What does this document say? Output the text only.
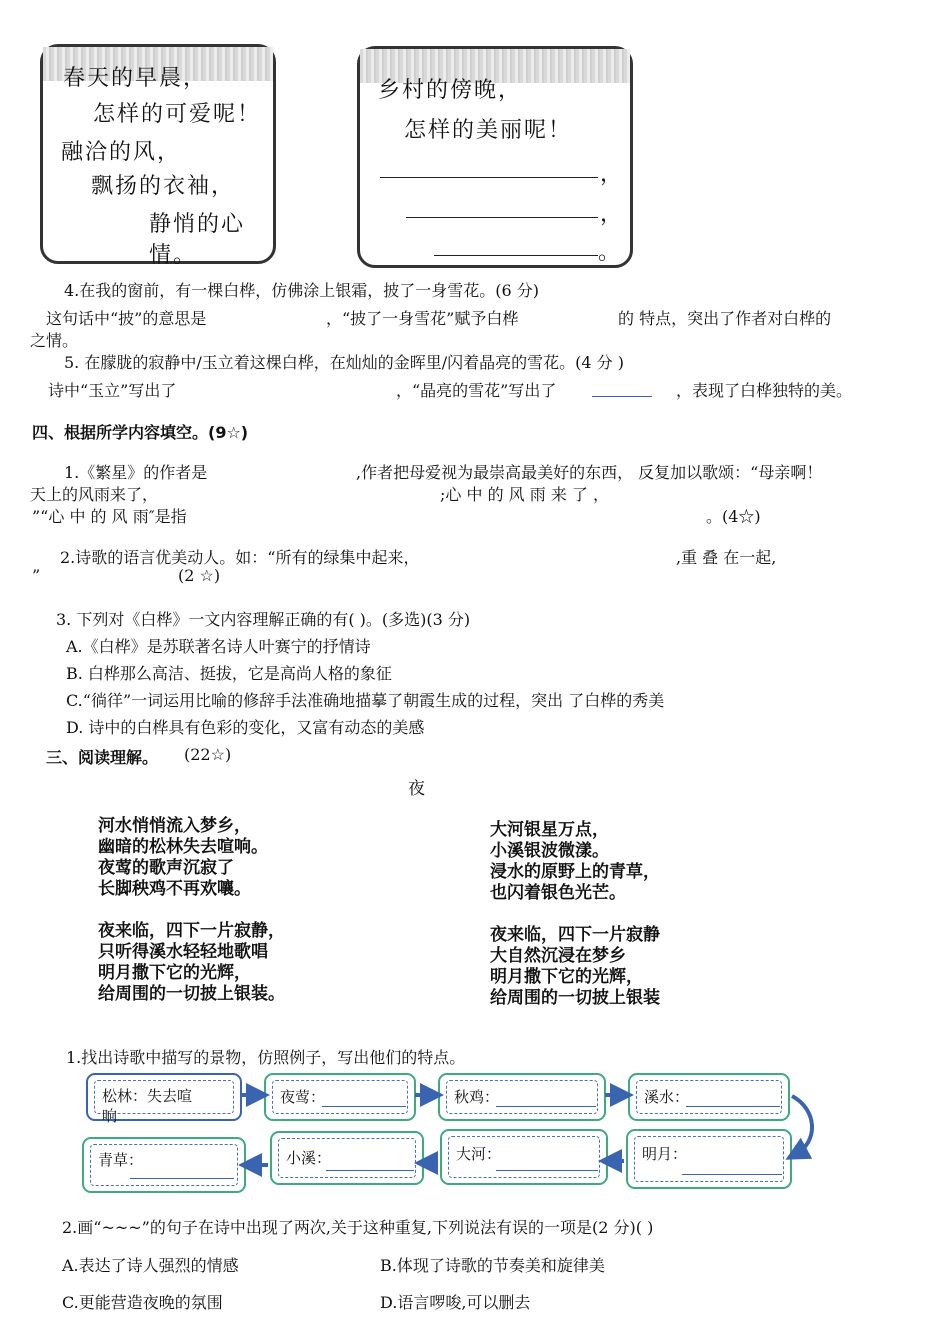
春天的早晨，
怎样的可爱呢！
融洽的风，
飘扬的衣袖，
静悄的心情。
乡村的傍晚，
怎样的美丽呢！
，
，
。
4.在我的窗前，有一棵白桦，仿佛涂上银霜，披了一身雪花。(6 分)
这句话中“披”的意思是	，“披了一身雪花”赋予白桦	的 特点，突出了作者对白桦的
之情。
5. 在朦胧的寂静中/玉立着这棵白桦，在灿灿的金晖里/闪着晶亮的雪花。(4 分 )
诗中“玉立”写出了	，“晶亮的雪花”写出了	，表现了白桦独特的美。
四、根据所学内容填空。(9☆)
1.《繁星》的作者是	,作者把母爱视为最崇高最美好的东西， 反复加以歌颂：“母亲啊！
天上的风雨来了，	;心 中 的 风 雨 来 了 ，
”“心 中 的 风 雨″是指	。(4☆)
2.诗歌的语言优美动人。如：“所有的绿集中起来，	,重 叠 在一起,
”	(2 ☆)
3. 下列对《白桦》一文内容理解正确的有( )。(多选)(3 分)
A.《白桦》是苏联著名诗人叶赛宁的抒情诗
B. 白桦那么高洁、挺拔，它是高尚人格的象征
C.“徜徉”一词运用比喻的修辞手法准确地描摹了朝霞生成的过程，突出 了白桦的秀美
D. 诗中的白桦具有色彩的变化，又富有动态的美感
三、阅读理解。 (22☆)
夜
河水悄悄流入梦乡，
幽暗的松林失去喧响。
夜莺的歌声沉寂了
长脚秧鸡不再欢嚷。
夜来临，四下一片寂静，
只听得溪水轻轻地歌唱
明月撒下它的光辉，
给周围的一切披上银装。
大河银星万点，
小溪银波微漾。
浸水的原野上的青草，
也闪着银色光芒。
夜来临，四下一片寂静
大自然沉浸在梦乡
明月撒下它的光辉，
给周围的一切披上银装
1.找出诗歌中描写的景物，仿照例子，写出他们的特点。
松林：失去喧
响
夜莺：	秋鸡：	溪水：
青草：	小溪：	大河：	明月：
2.画“~~~”的句子在诗中出现了两次,关于这种重复,下列说法有误的一项是(2 分)( )
A.表达了诗人强烈的情感	B.体现了诗歌的节奏美和旋律美
C.更能营造夜晚的氛围	D.语言啰唆,可以删去
